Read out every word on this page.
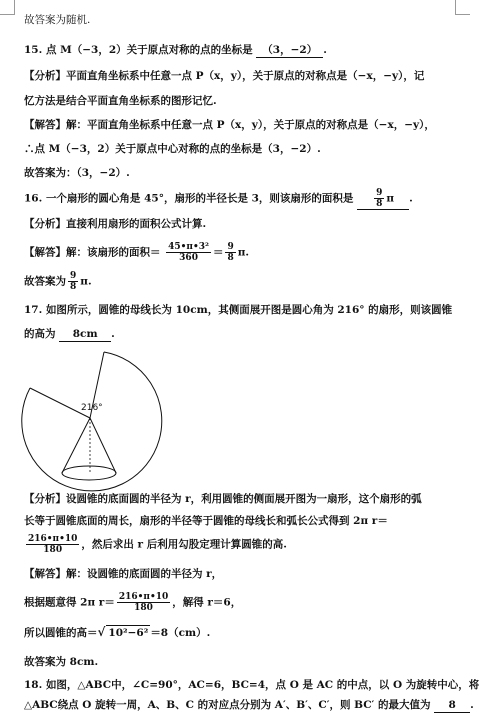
故答案为随机.
15. 点 M（−3，2）关于原点对称的点的坐标是 （3，−2） .
【分析】平面直角坐标系中任意一点 P（x，y），关于原点的对称点是（−x，−y），记
忆方法是结合平面直角坐标系的图形记忆.
【解答】解：平面直角坐标系中任意一点 P（x，y），关于原点的对称点是（−x，−y），
∴点 M（−3，2）关于原点中心对称的点的坐标是（3，−2）.
故答案为：（3，−2）.
16. 一个扇形的圆心角是 45°，扇形的半径长是 3，则该扇形的面积是 $\frac{9}{8}$ π .
【分析】直接利用扇形的面积公式计算.
【解答】解：该扇形的面积＝ $\frac{\text{45•π•3²}}{360} = \frac{9}{8} \pi$.
故答案为 $\frac{9}{8} \pi$.
17. 如图所示，圆锥的母线长为 10cm，其侧面展开图是圆心角为 216° 的扇形，则该圆锥
的高为 8cm .
216°
【分析】设圆锥的底面圆的半径为 r，利用圆锥的侧面展开图为一扇形，这个扇形的弧
长等于圆锥底面的周长，扇形的半径等于圆锥的母线长和弧长公式得到 2π r＝
$\frac{216•\pi•10}{180}$ ，然后求出 r 后利用勾股定理计算圆锥的高.
【解答】解：设圆锥的底面圆的半径为 r，
根据题意得 2π $r= \frac{216•\pi•10}{180}$ ，解得 r＝6，
所以圆锥的高＝√ 10²−6² ＝8（cm）.
故答案为 8cm.
18. 如图，△ABC中，∠C=90°，AC=6，BC=4，点 O 是 AC 的中点，以 O 为旋转中心，将
△ABC绕点 O 旋转一周，A、B、C 的对应点分别为 A′、B′、C′，则 BC′ 的最大值为 8 .
